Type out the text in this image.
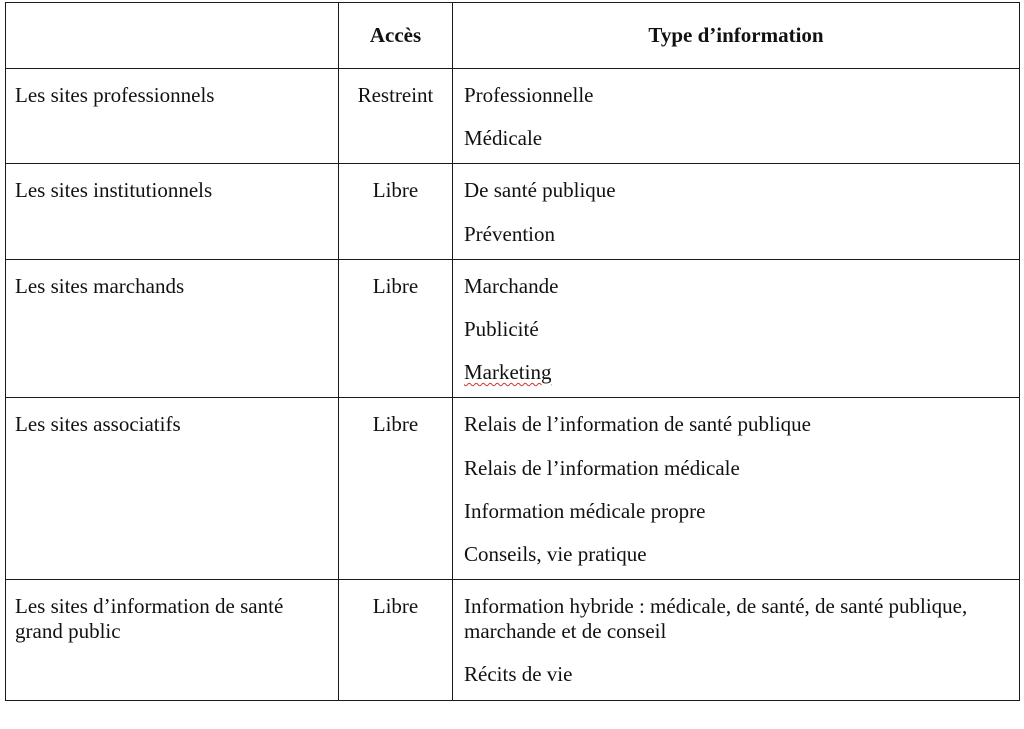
	Accès	Type d’information
Les sites professionnels	Restreint	Professionnelle
Médicale

Les sites institutionnels	Libre	De santé publique
Prévention

Les sites marchands	Libre	Marchande
Publicité
Marketing

Les sites associatifs	Libre	Relais de l’information de santé publique
Relais de l’information médicale
Information médicale propre
Conseils, vie pratique

Les sites d’information de santé grand public	Libre	Information hybride : médicale, de santé, de santé publique, marchande et de conseil
Récits de vie
